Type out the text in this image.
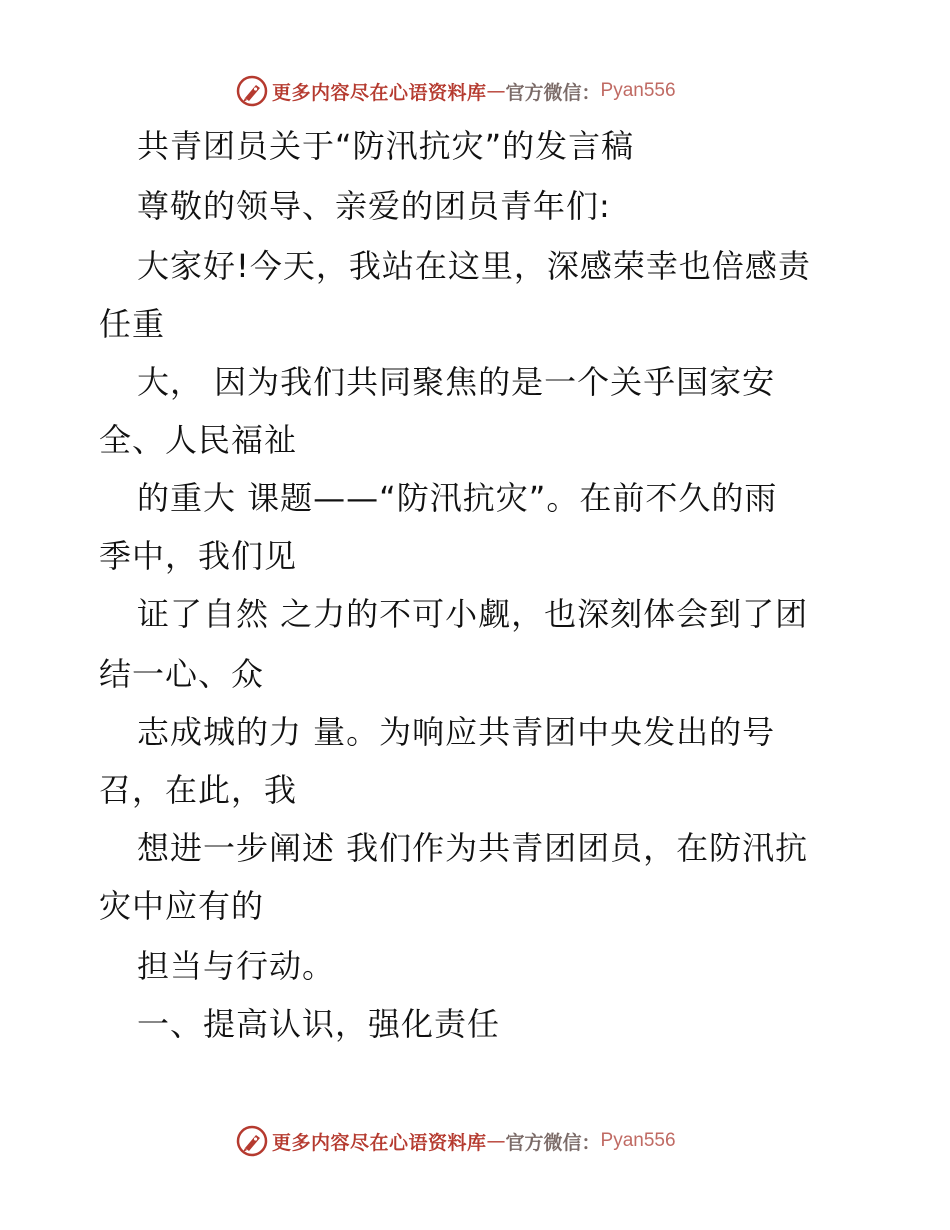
更多内容尽在心语资料库 — 官方微信： Pyan556
共青团员关于“防汛抗灾”的发言稿
尊敬的领导、亲爱的团员青年们:
大家好!今天，我站在这里，深感荣幸也倍感责
任重
大， 因为我们共同聚焦的是一个关乎国家安
全、人民福祉
的重大 课题——“防汛抗灾”。在前不久的雨
季中，我们见
证了自然 之力的不可小觑，也深刻体会到了团
结一心、众
志成城的力 量。为响应共青团中央发出的号
召，在此，我
想进一步阐述 我们作为共青团团员，在防汛抗
灾中应有的
担当与行动。
一、提高认识，强化责任
更多内容尽在心语资料库 — 官方微信： Pyan556
